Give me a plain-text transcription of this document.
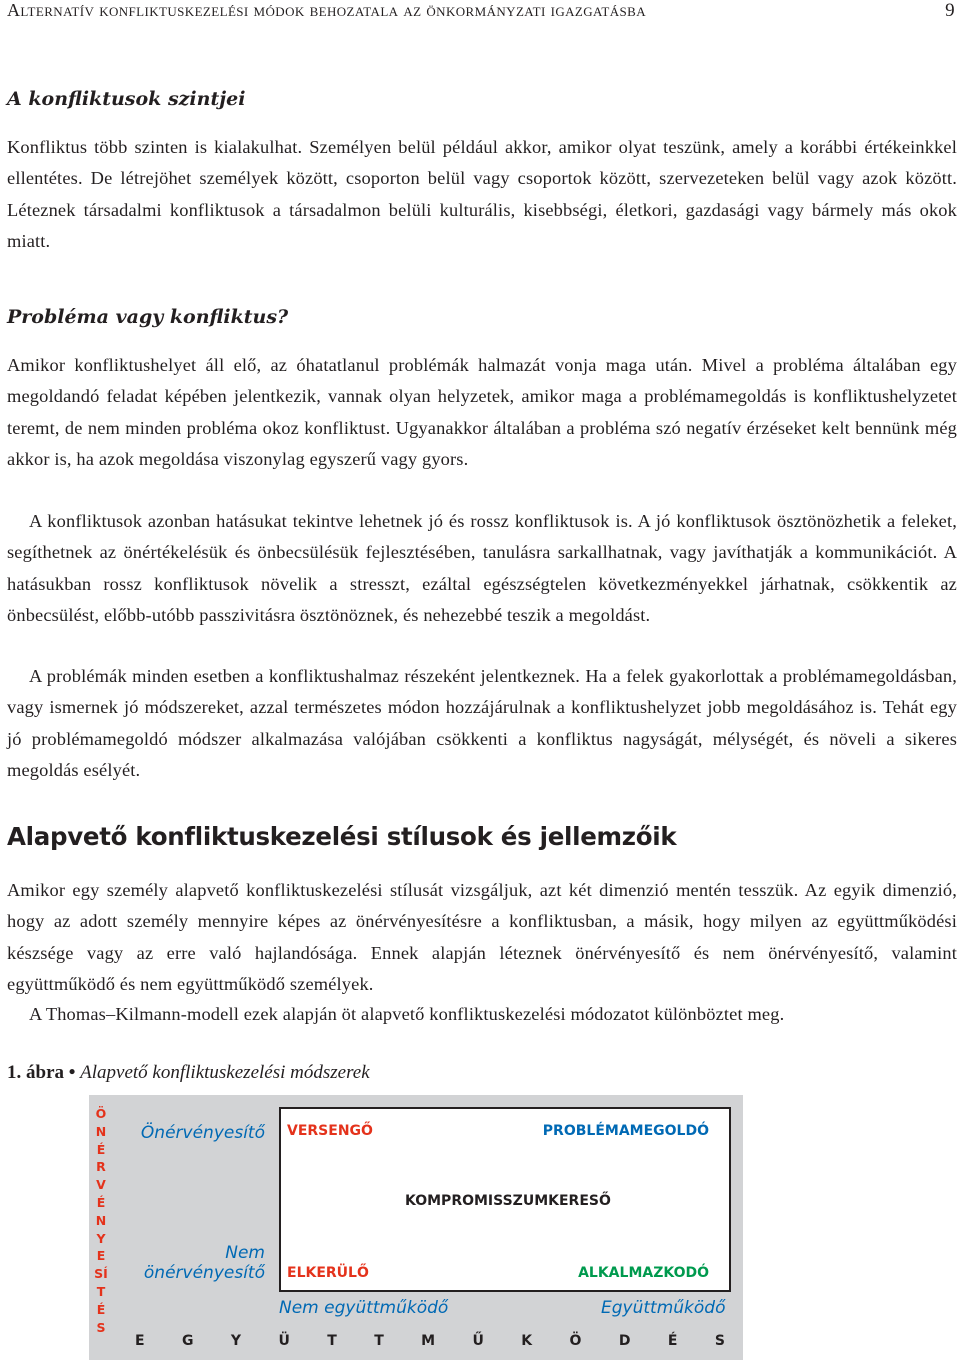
Alternatív konfliktuskezelési módok behozatala az önkormányzati igazgatásba	9
A konfliktusok szintjei

Konfliktus több szinten is kialakulhat. Személyen belül például akkor, amikor olyat teszünk, amely a korábbi értékeinkkel ellentétes. De létrejöhet személyek között, csoporton belül vagy csoportok között, szervezeteken belül vagy azok között. Léteznek társadalmi konfliktusok a társadalmon belüli kulturális, kisebbségi, életkori, gazdasági vagy bármely más okok miatt.

Probléma vagy konfliktus?

Amikor konfliktushelyet áll elő, az óhatatlanul problémák halmazát vonja maga után. Mivel a probléma általában egy megoldandó feladat képében jelentkezik, vannak olyan helyzetek, amikor maga a problémamegoldás is konfliktushelyzetet teremt, de nem minden probléma okoz konfliktust. Ugyanakkor általában a probléma szó negatív érzéseket kelt bennünk még akkor is, ha azok megoldása viszonylag egyszerű vagy gyors.

A konfliktusok azonban hatásukat tekintve lehetnek jó és rossz konfliktusok is. A jó konfliktusok ösztönözhetik a feleket, segíthetnek az önértékelésük és önbecsülésük fejlesztésében, tanulásra sarkallhatnak, vagy javíthatják a kommunikációt. A hatásukban rossz konfliktusok növelik a stresszt, ezáltal egészségtelen következményekkel járhatnak, csökkentik az önbecsülést, előbb-utóbb passzivitásra ösztönöznek, és nehezebbé teszik a megoldást.

A problémák minden esetben a konfliktushalmaz részeként jelentkeznek. Ha a felek gyakorlottak a problémamegoldásban, vagy ismernek jó módszereket, azzal természetes módon hozzájárulnak a konfliktushelyzet jobb megoldásához is. Tehát egy jó problémamegoldó módszer alkalmazása valójában csökkenti a konfliktus nagyságát, mélységét, és növeli a sikeres megoldás esélyét.

Alapvető konfliktuskezelési stílusok és jellemzőik

Amikor egy személy alapvető konfliktuskezelési stílusát vizsgáljuk, azt két dimenzió mentén tesszük. Az egyik dimenzió, hogy az adott személy mennyire képes az önérvényesítésre a konfliktusban, a másik, hogy milyen az együttműködési készsége vagy az erre való hajlandósága. Ennek alapján léteznek önérvényesítő és nem önérvényesítő, valamint együttműködő és nem együttműködő személyek.

A Thomas–Kilmann-modell ezek alapján öt alapvető konfliktuskezelési módozatot különböztet meg.

1. ábra • Alapvető konfliktuskezelési módszerek
ÖNÉRVÉNYESÍTÉS
Önérvényesítő
Nem
önérvényesítő
VERSENGŐ	PROBLÉMAMEGOLDÓ
KOMPROMISSZUMKERESŐ
ELKERÜLŐ	ALKALMAZKODÓ
Nem együttműködő	Együttműködő
E	G	Y	Ü	T	T	M	Ű	K	Ö	D	É	S
